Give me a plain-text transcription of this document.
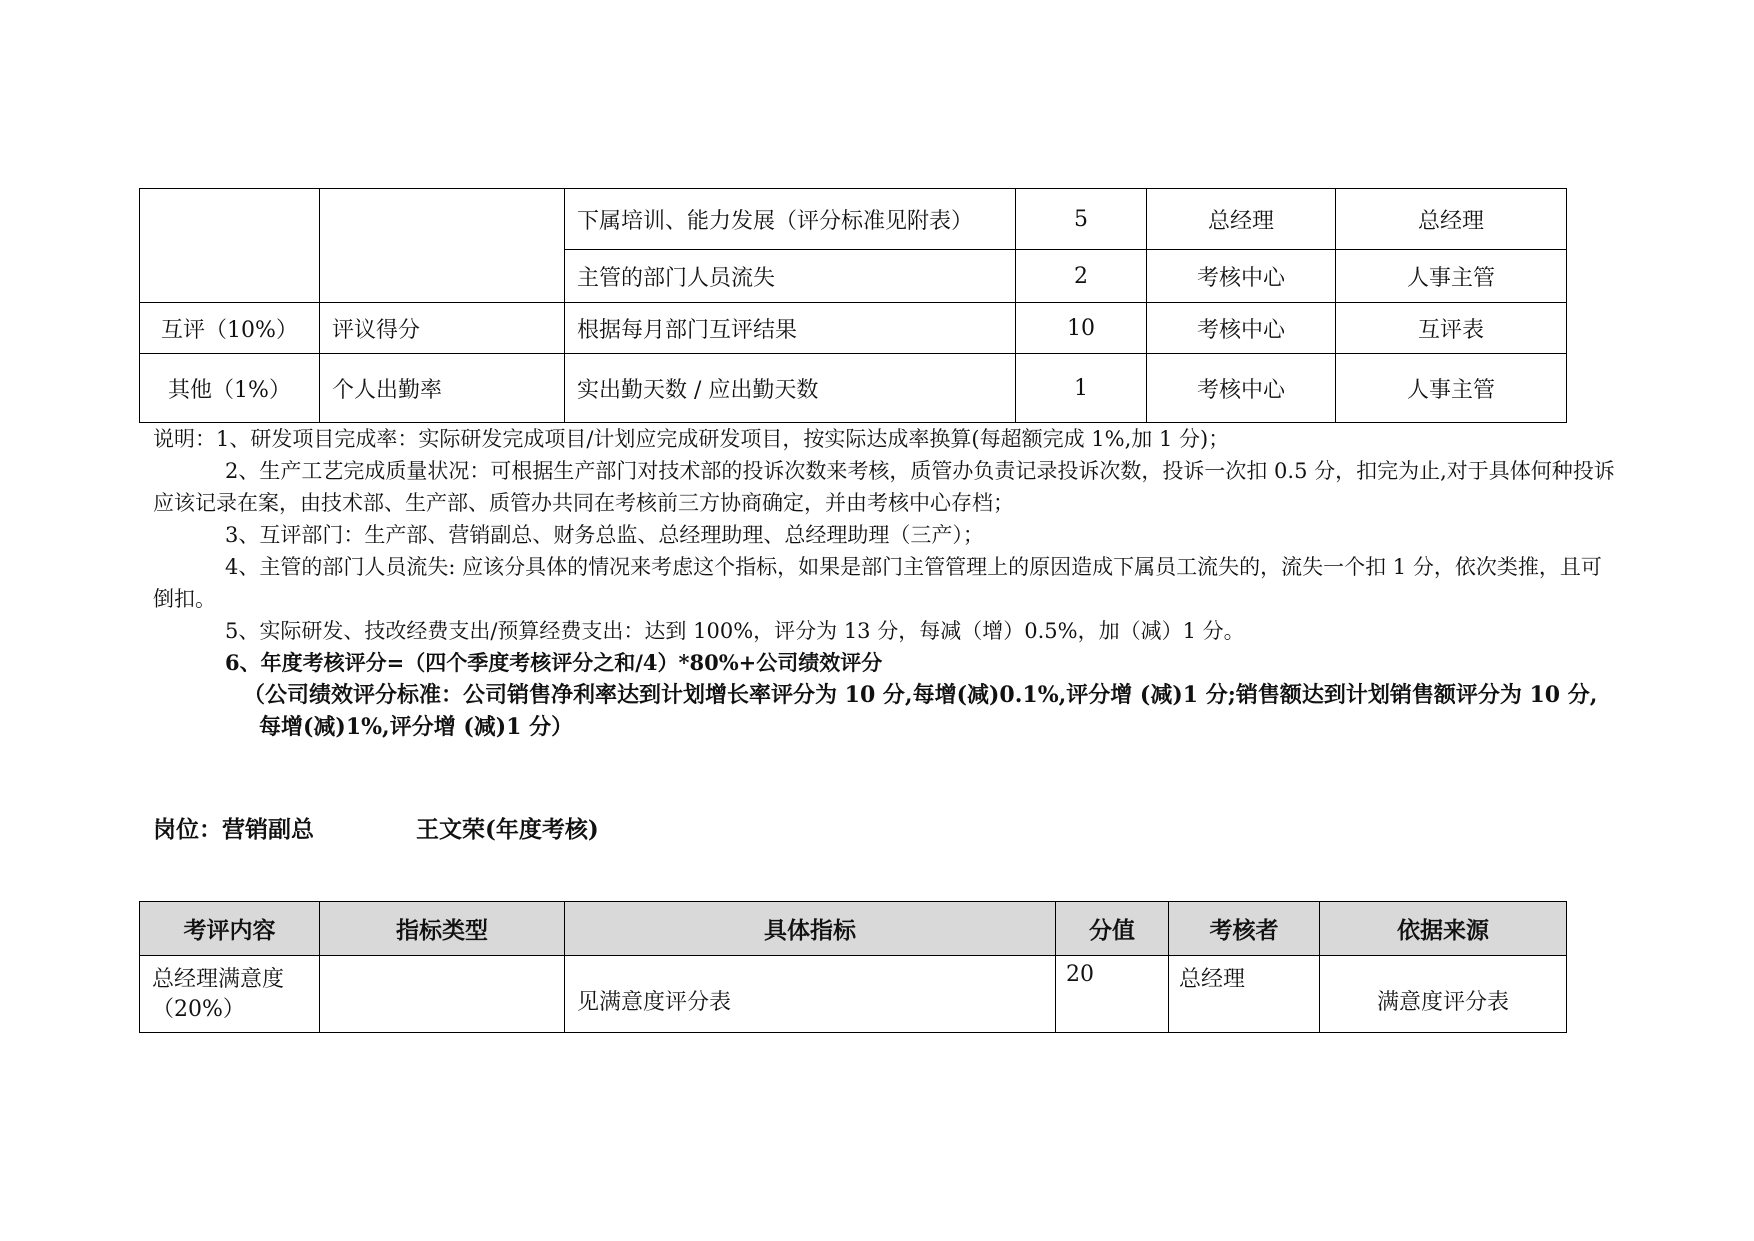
		下属培训、能力发展（评分标准见附表）	5	总经理	总经理
		主管的部门人员流失	2	考核中心	人事主管
互评（10%）	评议得分	根据每月部门互评结果	10	考核中心	互评表
其他（1%）	个人出勤率	实出勤天数 / 应出勤天数	1	考核中心	人事主管

说明：1、研发项目完成率：实际研发完成项目/计划应完成研发项目，按实际达成率换算(每超额完成 1%,加 1 分)；

2、生产工艺完成质量状况：可根据生产部门对技术部的投诉次数来考核，质管办负责记录投诉次数，投诉一次扣 0.5 分，扣完为止,对于具体何种投诉应该记录在案，由技术部、生产部、质管办共同在考核前三方协商确定，并由考核中心存档；

3、互评部门：生产部、营销副总、财务总监、总经理助理、总经理助理（三产）；

4、主管的部门人员流失: 应该分具体的情况来考虑这个指标，如果是部门主管管理上的原因造成下属员工流失的，流失一个扣 1 分，依次类推，且可倒扣。

5、实际研发、技改经费支出/预算经费支出：达到 100%，评分为 13 分，每减（增）0.5%，加（减）1 分。

6、年度考核评分=（四个季度考核评分之和/4）*80%+公司绩效评分

（公司绩效评分标准：公司销售净利率达到计划增长率评分为 10 分,每增(减)0.1%,评分增 (减)1 分;销售额达到计划销售额评分为 10 分, 每增(减)1%,评分增 (减)1 分）

岗位：营销副总	王文荣(年度考核)
考评内容	指标类型	具体指标	分值	考核者	依据来源
总经理满意度（20%）		见满意度评分表	20	总经理	满意度评分表
